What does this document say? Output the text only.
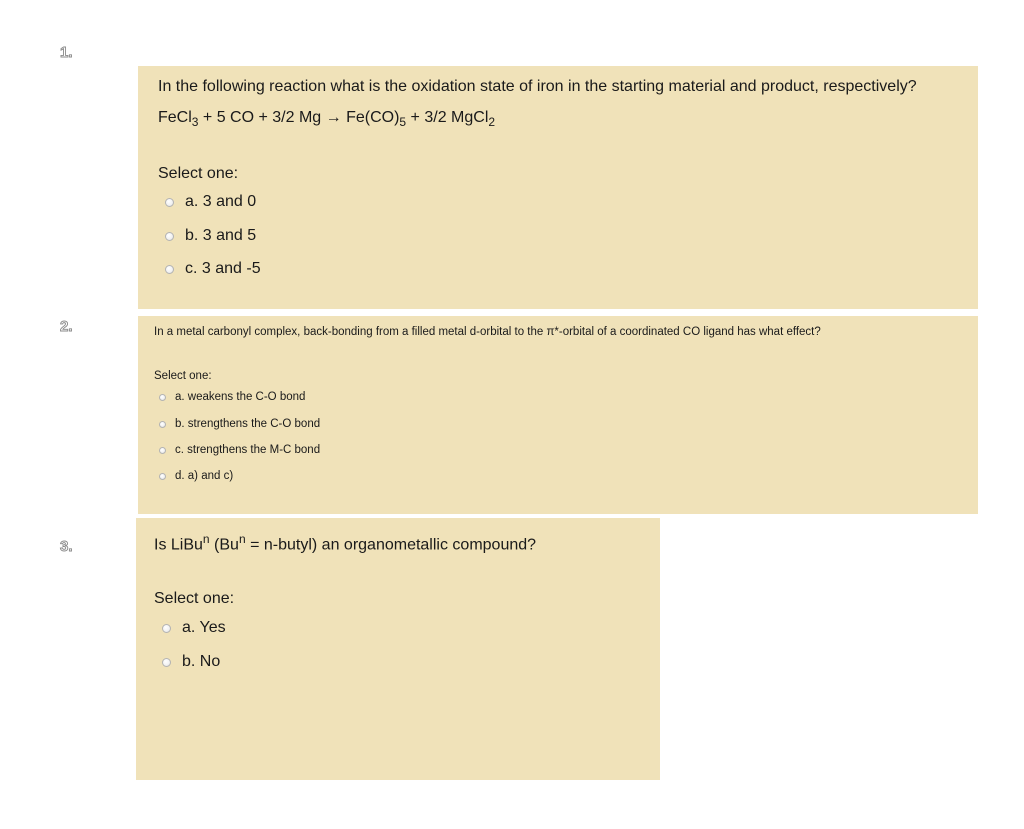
1.
2.
3.
In the following reaction what is the oxidation state of iron in the starting material and product, respectively?
FeCl$_3$ + 5 CO + 3/2 $Mg \to Fe(CO)_5 + 3/2$ MgCl$_2$
Select one:
a. 3 and 0
b. 3 and 5
c. 3 and -5
In a metal carbonyl complex, back-bonding from a filled metal d-orbital to the π*-orbital of a coordinated CO ligand has what effect?
Select one:
a. weakens the C-O bond
b. strengthens the C-O bond
c. strengthens the M-C bond
d. a) and c)
Is LiBu$^n$ ($Bu^n$ = n-butyl) an organometallic compound?
Select one:
a. Yes
b. No
